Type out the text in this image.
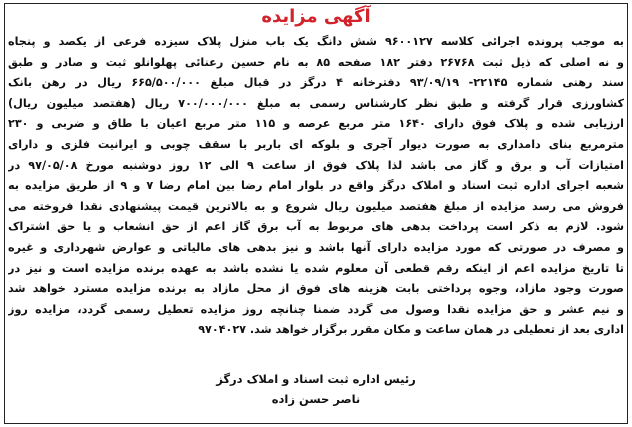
آگهی مزایده
به موجب پرونده اجرائی کلاسه ۹۶۰۰۱۲۷ شش دانگ یک باب منزل پلاک سیزده فرعی از یکصد و پنجاه
و نه اصلی که ذیل ثبت ۲۶۷۶۸ دفتر ۱۸۲ صفحه ۸۵ به نام حسین رعنائی پهلوانلو ثبت و صادر و طبق
سند رهنی شماره ۲۲۱۴۵- ۹۳/۰۹/۱۹ دفترخانه ۴ درگز در قبال مبلغ ۶۶۵/۵۰۰/۰۰۰ ریال در رهن بانک
کشاورزی قرار گرفته و طبق نظر کارشناس رسمی به مبلغ ۷۰۰/۰۰۰/۰۰۰ ریال (هفتصد میلیون ریال)
ارزیابی شده و پلاک فوق دارای ۱۶۴۰ متر مربع عرصه و ۱۱۵ متر مربع اعیان با طاق و ضربی و ۲۳۰
مترمربع بنای دامداری به صورت دیوار آجری و بلوکه ای باربر با سقف چوبی و ایرانیت فلزی و دارای
امتیازات آب و برق و گاز می باشد لذا پلاک فوق از ساعت ۹ الی ۱۲ روز دوشنبه مورخ ۹۷/۰۵/۰۸ در
شعبه اجرای اداره ثبت اسناد و املاک درگز واقع در بلوار امام رضا بین امام رضا ۷ و ۹ از طریق مزایده به
فروش می رسد مزایده از مبلغ هفتصد میلیون ریال شروع و به بالاترین قیمت پیشنهادی نقدا فروخته می
شود. لازم به ذکر است پرداخت بدهی های مربوط به آب برق گاز اعم از حق انشعاب و یا حق اشتراک
و مصرف در صورتی که مورد مزایده دارای آنها باشد و نیز بدهی های مالیاتی و عوارض شهرداری و غیره
تا تاریخ مزایده اعم از اینکه رقم قطعی آن معلوم شده یا نشده باشد به عهده برنده مزایده است و نیز در
صورت وجود مازاد، وجوه پرداختی بابت هزینه های فوق از محل مازاد به برنده مزایده مسترد خواهد شد
و نیم عشر و حق مزایده نقدا وصول می گردد ضمنا چنانچه روز مزایده تعطیل رسمی گردد، مزایده روز
اداری بعد از تعطیلی در همان ساعت و مکان مقرر برگزار خواهد شد. ۹۷۰۴۰۲۷
رئیس اداره ثبت اسناد و املاک درگز
ناصر حسن زاده
